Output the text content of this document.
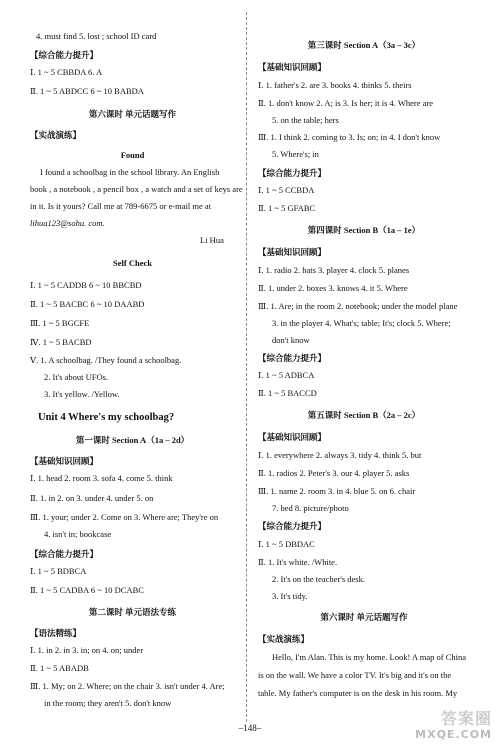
4. must find 5. lost ; school ID card
【综合能力提升】
Ⅰ. 1 ~ 5 CBBDA 6. A
Ⅱ. 1 ~ 5 ABDCC 6 ~ 10 BABDA
第六课时 单元话题写作
【实战演练】
Found
I found a schoolbag in the school library. An English
book , a notebook , a pencil box , a watch and a set of keys are
in it. Is it yours? Call me at 789-6675 or e-mail me at
lihua123@sohu. com.
Li Hua
Self Check
Ⅰ. 1 ~ 5 CADDB 6 ~ 10 BBCBD
Ⅱ. 1 ~ 5 BACBC 6 ~ 10 DAABD
Ⅲ. 1 ~ 5 BGCFE
Ⅳ. 1 ~ 5 BACBD
Ⅴ. 1. A schoolbag. /They found a schoolbag.
2. It's about UFOs.
3. It's yellow. /Yellow.
Unit 4 Where's my schoolbag?
第一课时 Section A（1a – 2d）
【基础知识回顾】
Ⅰ. 1. head 2. room 3. sofa 4. come 5. think
Ⅱ. 1. in 2. on 3. under 4. under 5. on
Ⅲ. 1. your; under 2. Come on 3. Where are; They're on
4. isn't in; bookcase
【综合能力提升】
Ⅰ. 1 ~ 5 BDBCA
Ⅱ. 1 ~ 5 CADBA 6 ~ 10 DCABC
第二课时 单元语法专练
【语法精练】
Ⅰ. 1. in 2. in 3. in; on 4. on; under
Ⅱ. 1 ~ 5 ABADB
Ⅲ. 1. My; on 2. Where; on the chair 3. isn't under 4. Are;
in the room; they aren't 5. don't know
第三课时 Section A（3a – 3c）
【基础知识回顾】
Ⅰ. 1. father's 2. are 3. books 4. thinks 5. theirs
Ⅱ. 1. don't know 2. A; is 3. Is her; it is 4. Where are
5. on the table; hers
Ⅲ. 1. I think 2. coming to 3. Is; on; in 4. I don't know
5. Where's; in
【综合能力提升】
Ⅰ. 1 ~ 5 CCBDA
Ⅱ. 1 ~ 5 GFABC
第四课时 Section B（1a – 1e）
【基础知识回顾】
Ⅰ. 1. radio 2. hats 3. player 4. clock 5. planes
Ⅱ. 1. under 2. boxes 3. knows 4. it 5. Where
Ⅲ. 1. Are; in the room 2. notebook; under the model plane
3. in the player 4. What's; table; It's; clock 5. Where;
don't know
【综合能力提升】
Ⅰ. 1 ~ 5 ADBCA
Ⅱ. 1 ~ 5 BACCD
第五课时 Section B（2a – 2c）
【基础知识回顾】
Ⅰ. 1. everywhere 2. always 3. tidy 4. think 5. but
Ⅱ. 1. radios 2. Peter's 3. our 4. player 5. asks
Ⅲ. 1. name 2. room 3. in 4. blue 5. on 6. chair
7. bed 8. picture/photo
【综合能力提升】
Ⅰ. 1 ~ 5 DBDAC
Ⅱ. 1. It's white. /White.
2. It's on the teacher's desk.
3. It's tidy.
第六课时 单元话题写作
【实战演练】
Hello, I'm Alan. This is my home. Look! A map of China
is on the wall. We have a color TV. It's big and it's on the
table. My father's computer is on the desk in his room. My
–148–
答案圈
MXQE.COM
